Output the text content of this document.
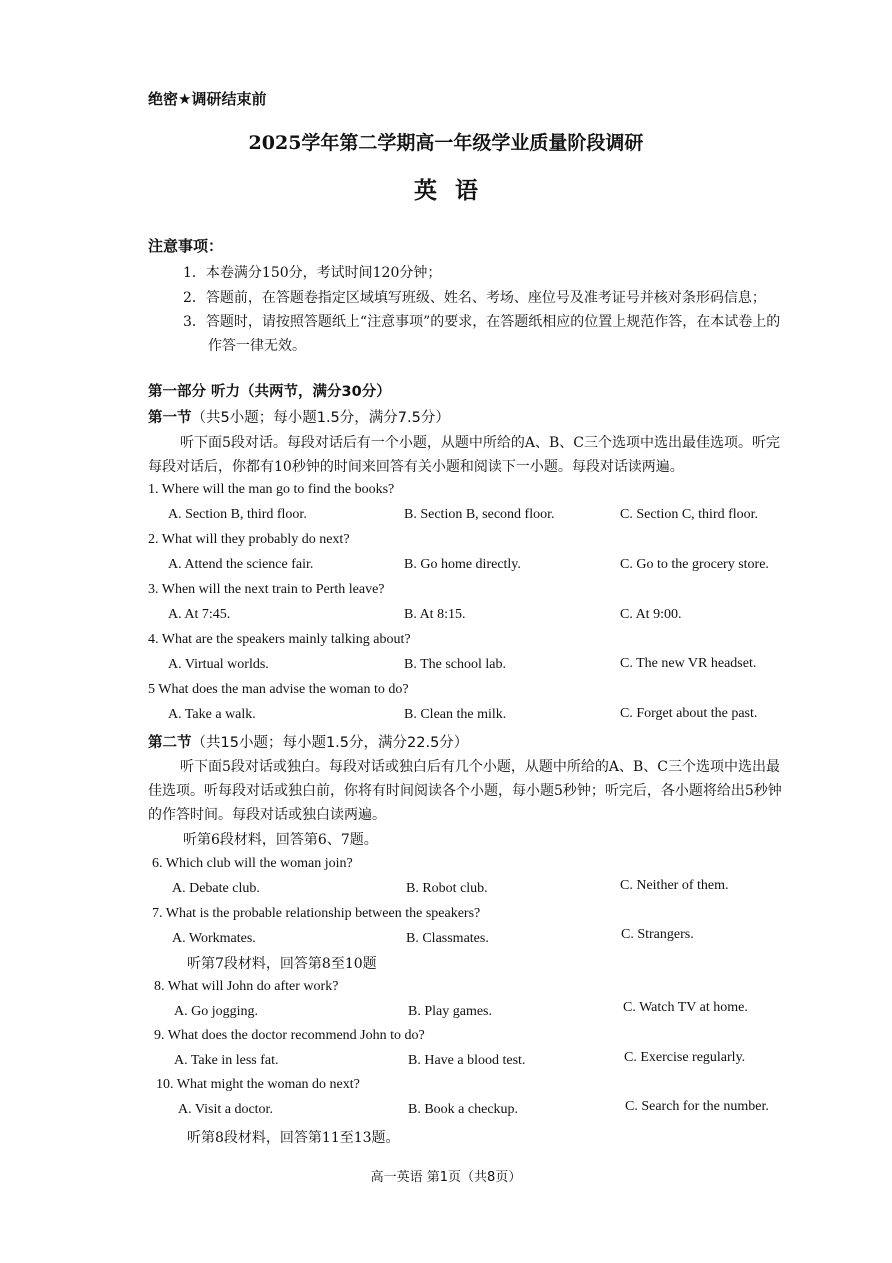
绝密★调研结束前
2025学年第二学期高一年级学业质量阶段调研
英语
注意事项：
1．本卷满分150分，考试时间120分钟；
2．答题前，在答题卷指定区域填写班级、姓名、考场、座位号及准考证号并核对条形码信息；
3．答题时，请按照答题纸上“注意事项”的要求，在答题纸相应的位置上规范作答，在本试卷上的
作答一律无效。
第一部分 听力（共两节，满分30分）
第一节（共5小题；每小题1.5分，满分7.5分）
听下面5段对话。每段对话后有一个小题，从题中所给的A、B、C三个选项中选出最佳选项。听完
每段对话后，你都有10秒钟的时间来回答有关小题和阅读下一小题。每段对话读两遍。
1. Where will the man go to find the books?
A. Section B, third floor.	B. Section B, second floor.	C. Section C, third floor.
2. What will they probably do next?
A. Attend the science fair.	B. Go home directly.	C. Go to the grocery store.
3. When will the next train to Perth leave?
A. At 7:45.	B. At 8:15.	C. At 9:00.
4. What are the speakers mainly talking about?
A. Virtual worlds.	B. The school lab.	C. The new VR headset.
5 What does the man advise the woman to do?
A. Take a walk.	B. Clean the milk.	C. Forget about the past.
第二节（共15小题；每小题1.5分，满分22.5分）
听下面5段对话或独白。每段对话或独白后有几个小题，从题中所给的A、B、C三个选项中选出最
佳选项。听每段对话或独白前，你将有时间阅读各个小题，每小题5秒钟；听完后，各小题将给出5秒钟
的作答时间。每段对话或独白读两遍。
听第6段材料，回答第6、7题。
6. Which club will the woman join?
A. Debate club.	B. Robot club.	C. Neither of them.
7. What is the probable relationship between the speakers?
A. Workmates.	B. Classmates.	C. Strangers.
听第7段材料，回答第8至10题
8. What will John do after work?
A. Go jogging.	B. Play games.	C. Watch TV at home.
9. What does the doctor recommend John to do?
A. Take in less fat.	B. Have a blood test.	C. Exercise regularly.
10. What might the woman do next?
A. Visit a doctor.	B. Book a checkup.	C. Search for the number.
听第8段材料，回答第11至13题。
高一英语 第1页（共8页）
